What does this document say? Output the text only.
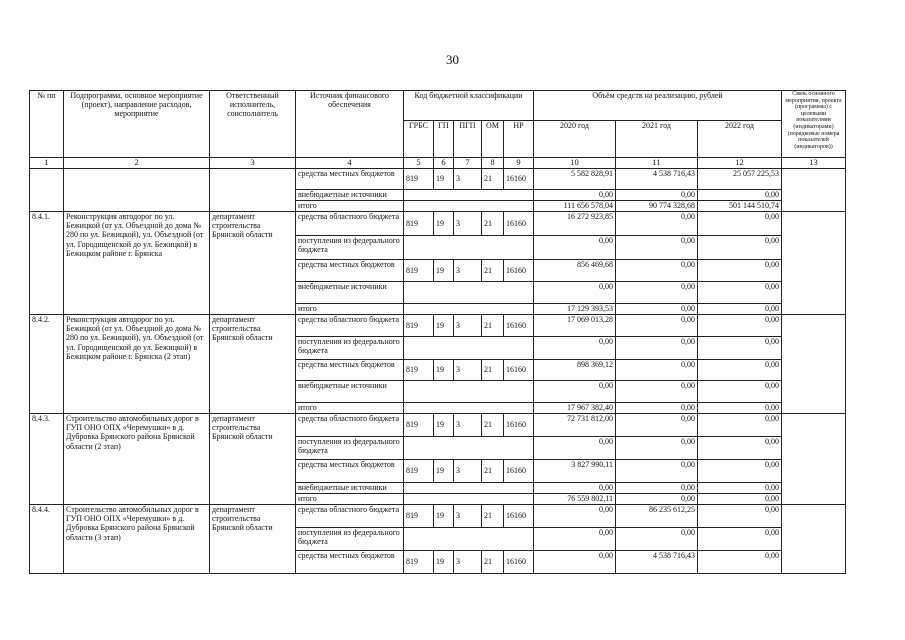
30
№ пп	Подпрограмма, основное мероприятие (проект), направление расходов, мероприятие	Ответственный исполнитель, соисполнитель	Источник финансового обеспечения	Код бюджетной классификации					Объём средств на реализацию, рублей			Связь основного мероприятия, проекта (программы) с целевыми показателями (индикаторами) (порядковые номера показателей (индикаторов))
				ГРБС	ГП	ПГП	ОМ	НР	2020 год	2021 год	2022 год	
1	2	3	4	5	6	7	8	9	10	11	12	13
			средства местных бюджетов	819	19	3	21	16160	5 582 828,91	4 538 716,43	25 057 225,53	
			внебюджетные источники						0,00	0,00	0,00	
			итого						111 656 578,04	90 774 328,68	501 144 510,74	
8.4.1.	Реконструкция автодорог по ул. Бежицкой (от ул. Объездной до дома № 280 по ул. Бежицкой), ул. Объездной (от ул. Городищенской до ул. Бежицкой) в Бежицком районе г. Брянска	департамент строительства Брянской области	средства областного бюджета	819	19	3	21	16160	16 272 923,85	0,00	0,00	
			поступления из федерального бюджета						0,00	0,00	0,00	
			средства местных бюджетов	819	19	3	21	16160	856 469,68	0,00	0,00	
			внебюджетные источники						0,00	0,00	0,00	
			итого						17 129 393,53	0,00	0,00	
8.4.2.	Реконструкция автодорог по ул. Бежицкой (от ул. Объездной до дома № 280 по ул. Бежицкой), ул. Объездной (от ул. Городищенской до ул. Бежицкой) в Бежицком районе г. Брянска (2 этап)	департамент строительства Брянской области	средства областного бюджета	819	19	3	21	16160	17 069 013,28	0,00	0,00	
			поступления из федерального бюджета						0,00	0,00	0,00	
			средства местных бюджетов	819	19	3	21	16160	898 369,12	0,00	0,00	
			внебюджетные источники						0,00	0,00	0,00	
			итого						17 967 382,40	0,00	0,00	
8.4.3.	Строительство автомобильных дорог в ГУП ОНО ОПХ «Черемушки» в д. Дубровка Брянского района Брянской области (2 этап)	департамент строительства Брянской области	средства областного бюджета	819	19	3	21	16160	72 731 812,00	0,00	0,00	
			поступления из федерального бюджета						0,00	0,00	0,00	
			средства местных бюджетов	819	19	3	21	16160	3 827 990,11	0,00	0,00	
			внебюджетные источники						0,00	0,00	0,00	
			итого						76 559 802,11	0,00	0,00	
8.4.4.	Строительство автомобильных дорог в ГУП ОНО ОПХ «Черемушки» в д. Дубровка Брянского района Брянской области (3 этап)	департамент строительства Брянской области	средства областного бюджета	819	19	3	21	16160	0,00	86 235 612,25	0,00	
			поступления из федерального бюджета						0,00	0,00	0,00	
			средства местных бюджетов	819	19	3	21	16160	0,00	4 538 716,43	0,00	
